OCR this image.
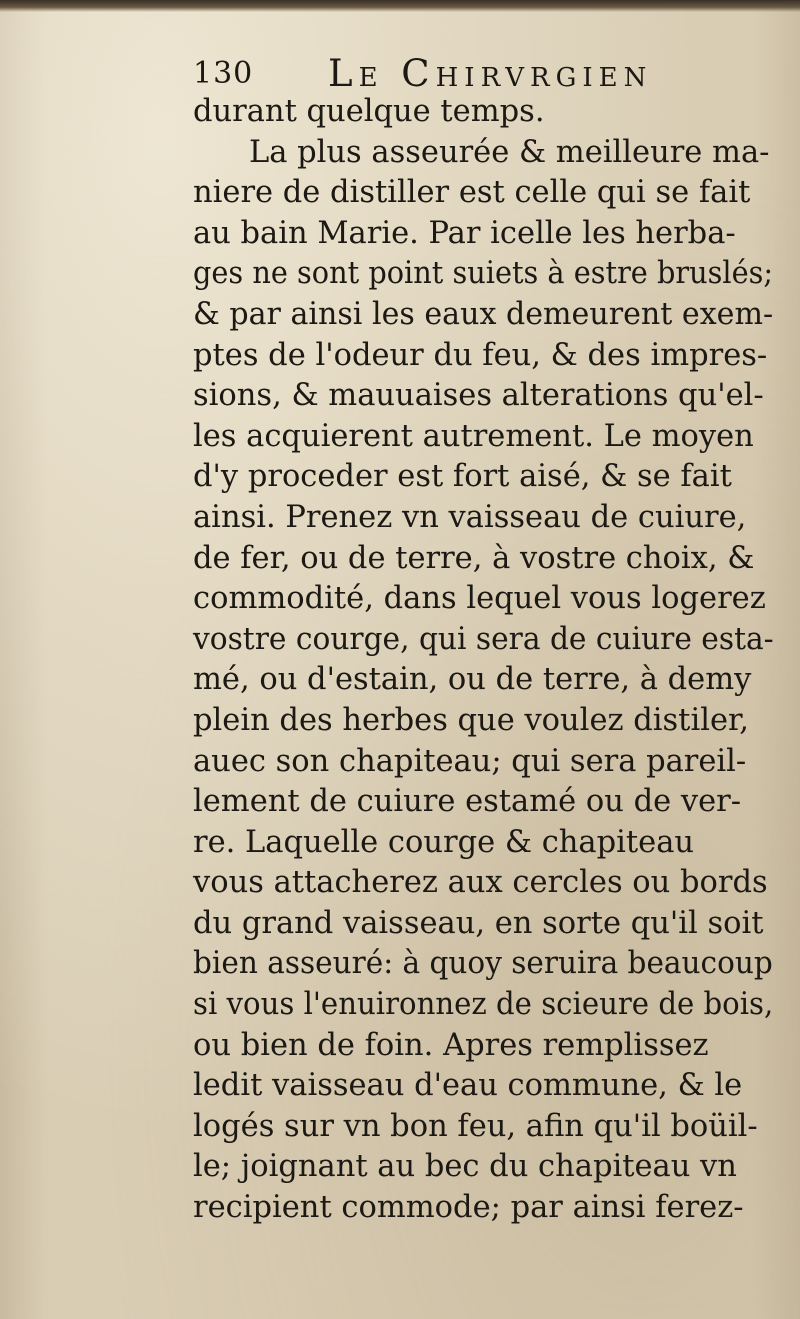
130 Le Chirvrgien
durant quelque temps.
La plus asseurée & meilleure ma-
niere de distiller est celle qui se fait
au bain Marie. Par icelle les herba-
ges ne sont point suiets à estre bruslés;
& par ainsi les eaux demeurent exem-
ptes de l'odeur du feu, & des impres-
sions, & mauuaises alterations qu'el-
les acquierent autrement. Le moyen
d'y proceder est fort aisé, & se fait
ainsi. Prenez vn vaisseau de cuiure,
de fer, ou de terre, à vostre choix, &
commodité, dans lequel vous logerez
vostre courge, qui sera de cuiure esta-
mé, ou d'estain, ou de terre, à demy
plein des herbes que voulez distiler,
auec son chapiteau; qui sera pareil-
lement de cuiure estamé ou de ver-
re. Laquelle courge & chapiteau
vous attacherez aux cercles ou bords
du grand vaisseau, en sorte qu'il soit
bien asseuré: à quoy seruira beaucoup
si vous l'enuironnez de scieure de bois,
ou bien de foin. Apres remplissez
ledit vaisseau d'eau commune, & le
logés sur vn bon feu, afin qu'il boüil-
le; joignant au bec du chapiteau vn
recipient commode; par ainsi ferez-
